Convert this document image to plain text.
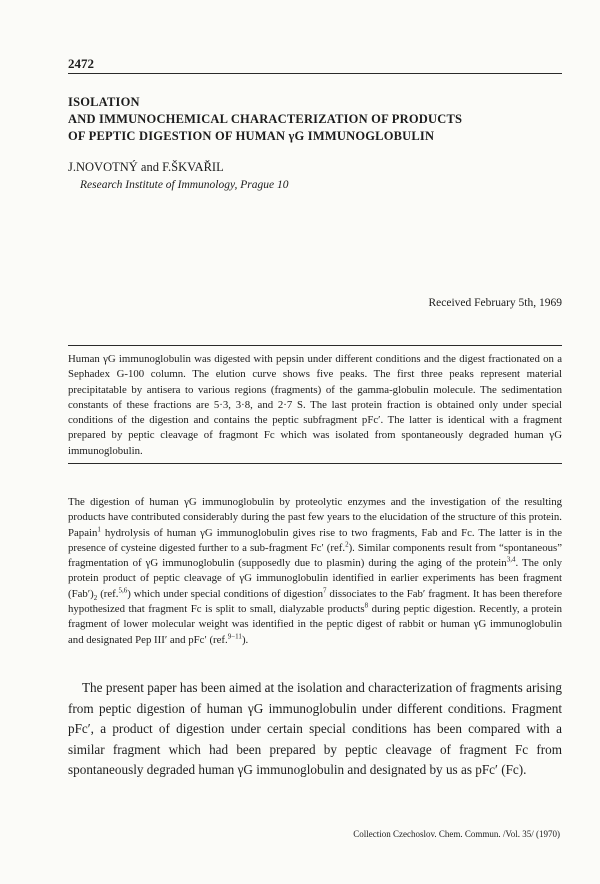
2472
ISOLATION
AND IMMUNOCHEMICAL CHARACTERIZATION OF PRODUCTS
OF PEPTIC DIGESTION OF HUMAN γG IMMUNOGLOBULIN
J.NOVOTNÝ and F.ŠKVAŘIL
Research Institute of Immunology, Prague 10
Received February 5th, 1969

Human γG immunoglobulin was digested with pepsin under different conditions and the digest fractionated on a Sephadex G-100 column. The elution curve shows five peaks. The first three peaks represent material precipitatable by antisera to various regions (fragments) of the gamma-globulin molecule. The sedimentation constants of these fractions are 5·3, 3·8, and 2·7 S. The last protein fraction is obtained only under special conditions of the digestion and contains the peptic subfragment pFc′. The latter is identical with a fragment prepared by peptic cleavage of fragmont Fc which was isolated from spontaneously degraded human γG immunoglobulin.

The digestion of human γG immunoglobulin by proteolytic enzymes and the investigation of the resulting products have contributed considerably during the past few years to the elucidation of the structure of this protein. Papain$^1$ hydrolysis of human γG immunoglobulin gives rise to two fragments, Fab and Fc. The latter is in the presence of cysteine digested further to a sub-fragment Fc′ (ref.$^2$). Similar components result from “spontaneous” fragmentation of γG immunoglobulin (supposedly due to plasmin) during the aging of the protein$^{3,4}$. The only protein product of peptic cleavage of γG immunoglobulin identified in earlier experiments has been fragment $(Fab')_2$ (ref.$^{5,6}$) which under special conditions of digestion$^7$ dissociates to the Fab′ fragment. It has been therefore hypothesized that fragment Fc is split to small, dialyzable products$^8$ during peptic digestion. Recently, a protein fragment of lower molecular weight was identified in the peptic digest of rabbit or human γG immunoglobulin and designated Pep III′ and pFc′ (ref.$^{9-11}$).

The present paper has been aimed at the isolation and characterization of fragments arising from peptic digestion of human γG immunoglobulin under different conditions. Fragment pFc′, a product of digestion under certain special conditions has been compared with a similar fragment which had been prepared by peptic cleavage of fragment Fc from spontaneously degraded human γG immunoglobulin and designated by us as pFc′ (Fc).

Collection Czechoslov. Chem. Commun. /Vol. 35/ (1970)
